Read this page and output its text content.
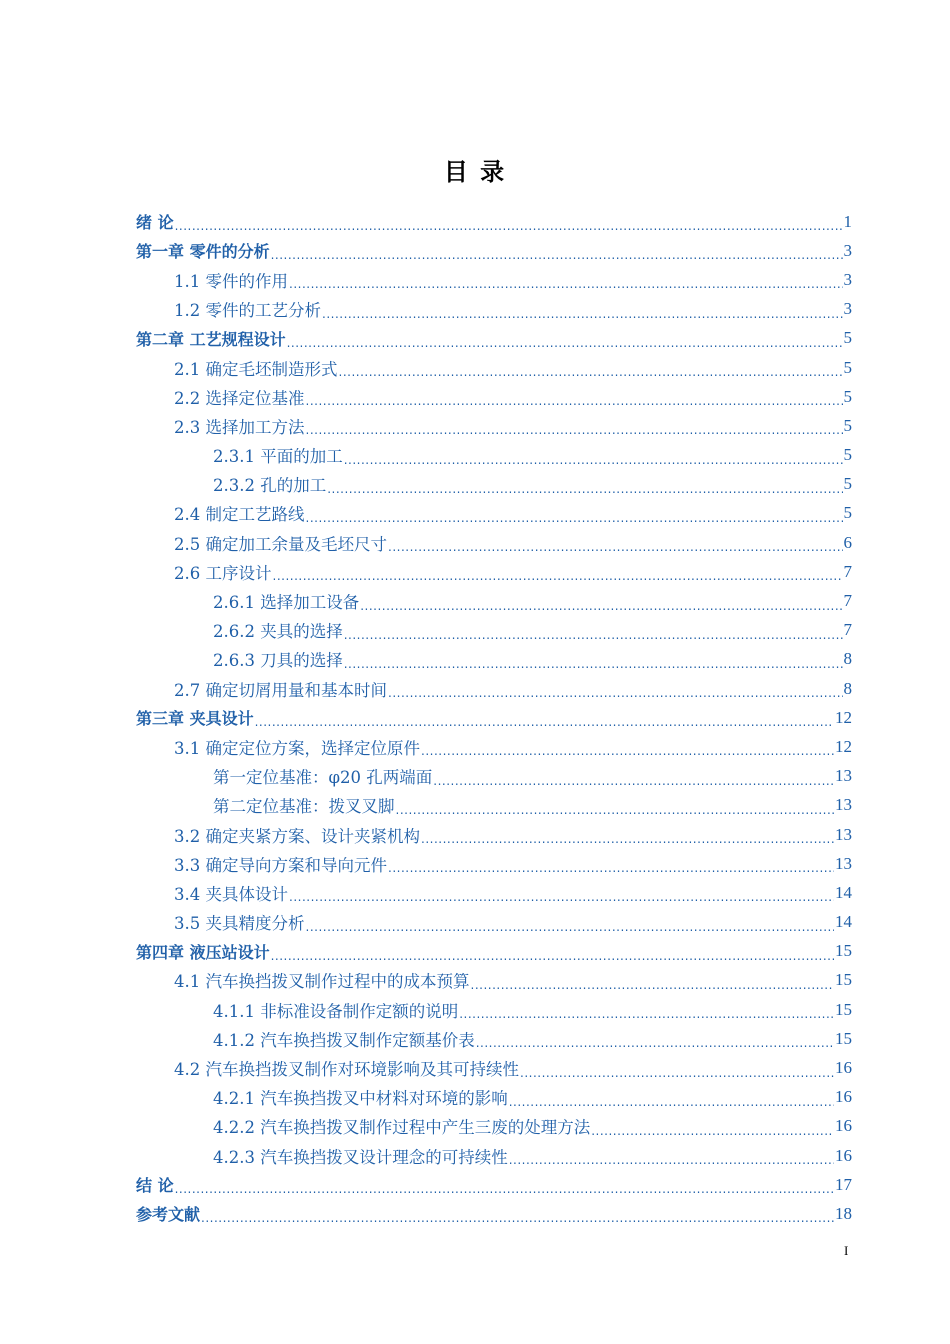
目 录
绪 论 .....	1
第一章 零件的分析 .....	3
1.1 零件的作用 .....	3
1.2 零件的工艺分析 .....	3
第二章 工艺规程设计 .....	5
2.1 确定毛坯制造形式 .....	5
2.2 选择定位基准 .....	5
2.3 选择加工方法 .....	5
2.3.1 平面的加工 .....	5
2.3.2 孔的加工 .....	5
2.4 制定工艺路线 .....	5
2.5 确定加工余量及毛坯尺寸 .....	6
2.6 工序设计 .....	7
2.6.1 选择加工设备 .....	7
2.6.2 夹具的选择 .....	7
2.6.3 刀具的选择 .....	8
2.7 确定切屑用量和基本时间 .....	8
第三章 夹具设计 .....	12
3.1 确定定位方案，选择定位原件 .....	12
第一定位基准：φ20 孔两端面 .....	13
第二定位基准：拨叉叉脚 .....	13
3.2 确定夹紧方案、设计夹紧机构 .....	13
3.3 确定导向方案和导向元件 .....	13
3.4 夹具体设计 .....	14
3.5 夹具精度分析 .....	14
第四章 液压站设计 .....	15
4.1 汽车换挡拨叉制作过程中的成本预算 .....	15
4.1.1 非标准设备制作定额的说明 .....	15
4.1.2 汽车换挡拨叉制作定额基价表 .....	15
4.2 汽车换挡拨叉制作对环境影响及其可持续性 .....	16
4.2.1 汽车换挡拨叉中材料对环境的影响 .....	16
4.2.2 汽车换挡拨叉制作过程中产生三废的处理方法 .....	16
4.2.3 汽车换挡拨叉设计理念的可持续性 .....	16
结 论 .....	17
参考文献 .....	18
I
